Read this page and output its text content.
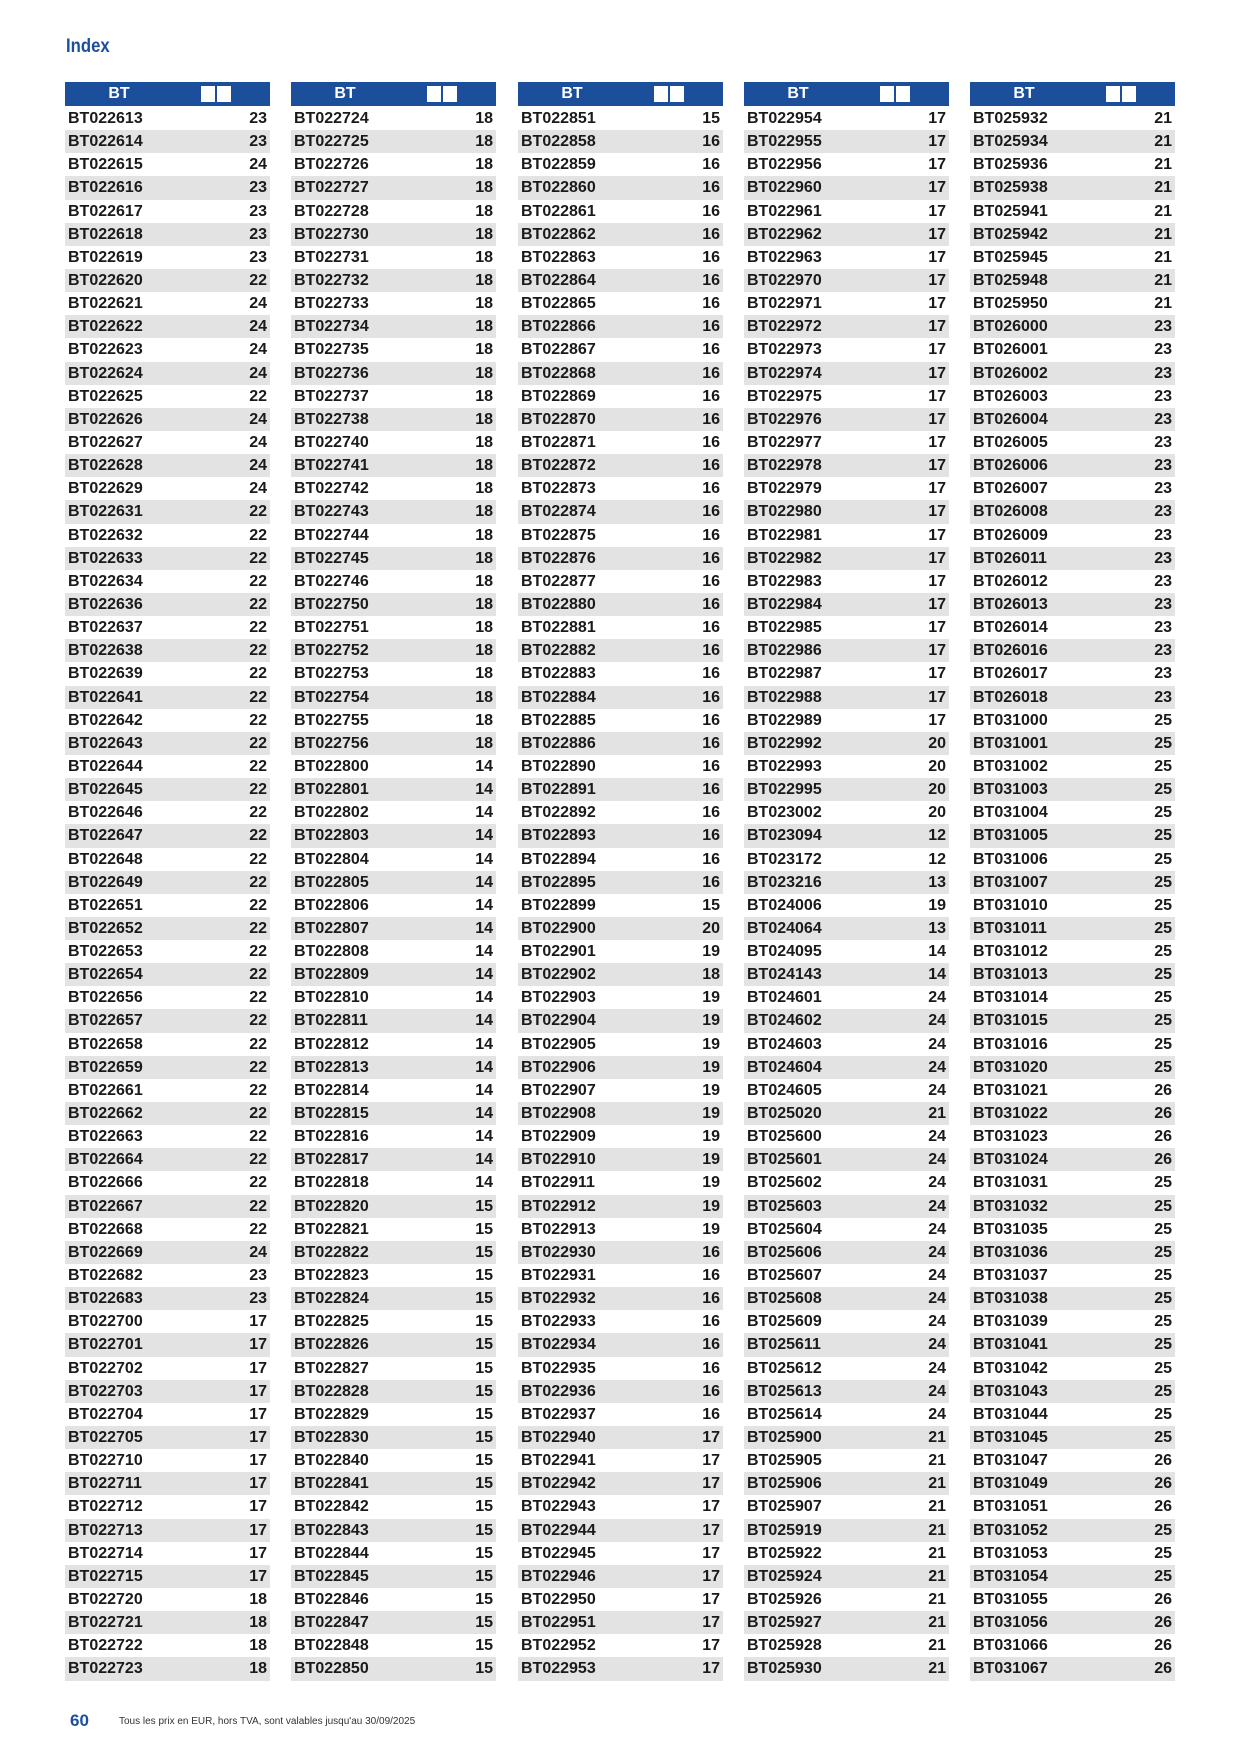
Index
BT
BT022613	23
BT022614	23
BT022615	24
BT022616	23
BT022617	23
BT022618	23
BT022619	23
BT022620	22
BT022621	24
BT022622	24
BT022623	24
BT022624	24
BT022625	22
BT022626	24
BT022627	24
BT022628	24
BT022629	24
BT022631	22
BT022632	22
BT022633	22
BT022634	22
BT022636	22
BT022637	22
BT022638	22
BT022639	22
BT022641	22
BT022642	22
BT022643	22
BT022644	22
BT022645	22
BT022646	22
BT022647	22
BT022648	22
BT022649	22
BT022651	22
BT022652	22
BT022653	22
BT022654	22
BT022656	22
BT022657	22
BT022658	22
BT022659	22
BT022661	22
BT022662	22
BT022663	22
BT022664	22
BT022666	22
BT022667	22
BT022668	22
BT022669	24
BT022682	23
BT022683	23
BT022700	17
BT022701	17
BT022702	17
BT022703	17
BT022704	17
BT022705	17
BT022710	17
BT022711	17
BT022712	17
BT022713	17
BT022714	17
BT022715	17
BT022720	18
BT022721	18
BT022722	18
BT022723	18
BT
BT022724	18
BT022725	18
BT022726	18
BT022727	18
BT022728	18
BT022730	18
BT022731	18
BT022732	18
BT022733	18
BT022734	18
BT022735	18
BT022736	18
BT022737	18
BT022738	18
BT022740	18
BT022741	18
BT022742	18
BT022743	18
BT022744	18
BT022745	18
BT022746	18
BT022750	18
BT022751	18
BT022752	18
BT022753	18
BT022754	18
BT022755	18
BT022756	18
BT022800	14
BT022801	14
BT022802	14
BT022803	14
BT022804	14
BT022805	14
BT022806	14
BT022807	14
BT022808	14
BT022809	14
BT022810	14
BT022811	14
BT022812	14
BT022813	14
BT022814	14
BT022815	14
BT022816	14
BT022817	14
BT022818	14
BT022820	15
BT022821	15
BT022822	15
BT022823	15
BT022824	15
BT022825	15
BT022826	15
BT022827	15
BT022828	15
BT022829	15
BT022830	15
BT022840	15
BT022841	15
BT022842	15
BT022843	15
BT022844	15
BT022845	15
BT022846	15
BT022847	15
BT022848	15
BT022850	15
BT
BT022851	15
BT022858	16
BT022859	16
BT022860	16
BT022861	16
BT022862	16
BT022863	16
BT022864	16
BT022865	16
BT022866	16
BT022867	16
BT022868	16
BT022869	16
BT022870	16
BT022871	16
BT022872	16
BT022873	16
BT022874	16
BT022875	16
BT022876	16
BT022877	16
BT022880	16
BT022881	16
BT022882	16
BT022883	16
BT022884	16
BT022885	16
BT022886	16
BT022890	16
BT022891	16
BT022892	16
BT022893	16
BT022894	16
BT022895	16
BT022899	15
BT022900	20
BT022901	19
BT022902	18
BT022903	19
BT022904	19
BT022905	19
BT022906	19
BT022907	19
BT022908	19
BT022909	19
BT022910	19
BT022911	19
BT022912	19
BT022913	19
BT022930	16
BT022931	16
BT022932	16
BT022933	16
BT022934	16
BT022935	16
BT022936	16
BT022937	16
BT022940	17
BT022941	17
BT022942	17
BT022943	17
BT022944	17
BT022945	17
BT022946	17
BT022950	17
BT022951	17
BT022952	17
BT022953	17
BT
BT022954	17
BT022955	17
BT022956	17
BT022960	17
BT022961	17
BT022962	17
BT022963	17
BT022970	17
BT022971	17
BT022972	17
BT022973	17
BT022974	17
BT022975	17
BT022976	17
BT022977	17
BT022978	17
BT022979	17
BT022980	17
BT022981	17
BT022982	17
BT022983	17
BT022984	17
BT022985	17
BT022986	17
BT022987	17
BT022988	17
BT022989	17
BT022992	20
BT022993	20
BT022995	20
BT023002	20
BT023094	12
BT023172	12
BT023216	13
BT024006	19
BT024064	13
BT024095	14
BT024143	14
BT024601	24
BT024602	24
BT024603	24
BT024604	24
BT024605	24
BT025020	21
BT025600	24
BT025601	24
BT025602	24
BT025603	24
BT025604	24
BT025606	24
BT025607	24
BT025608	24
BT025609	24
BT025611	24
BT025612	24
BT025613	24
BT025614	24
BT025900	21
BT025905	21
BT025906	21
BT025907	21
BT025919	21
BT025922	21
BT025924	21
BT025926	21
BT025927	21
BT025928	21
BT025930	21
BT
BT025932	21
BT025934	21
BT025936	21
BT025938	21
BT025941	21
BT025942	21
BT025945	21
BT025948	21
BT025950	21
BT026000	23
BT026001	23
BT026002	23
BT026003	23
BT026004	23
BT026005	23
BT026006	23
BT026007	23
BT026008	23
BT026009	23
BT026011	23
BT026012	23
BT026013	23
BT026014	23
BT026016	23
BT026017	23
BT026018	23
BT031000	25
BT031001	25
BT031002	25
BT031003	25
BT031004	25
BT031005	25
BT031006	25
BT031007	25
BT031010	25
BT031011	25
BT031012	25
BT031013	25
BT031014	25
BT031015	25
BT031016	25
BT031020	25
BT031021	26
BT031022	26
BT031023	26
BT031024	26
BT031031	25
BT031032	25
BT031035	25
BT031036	25
BT031037	25
BT031038	25
BT031039	25
BT031041	25
BT031042	25
BT031043	25
BT031044	25
BT031045	25
BT031047	26
BT031049	26
BT031051	26
BT031052	25
BT031053	25
BT031054	25
BT031055	26
BT031056	26
BT031066	26
BT031067	26
60	Tous les prix en EUR, hors TVA, sont valables jusqu'au 30/09/2025
